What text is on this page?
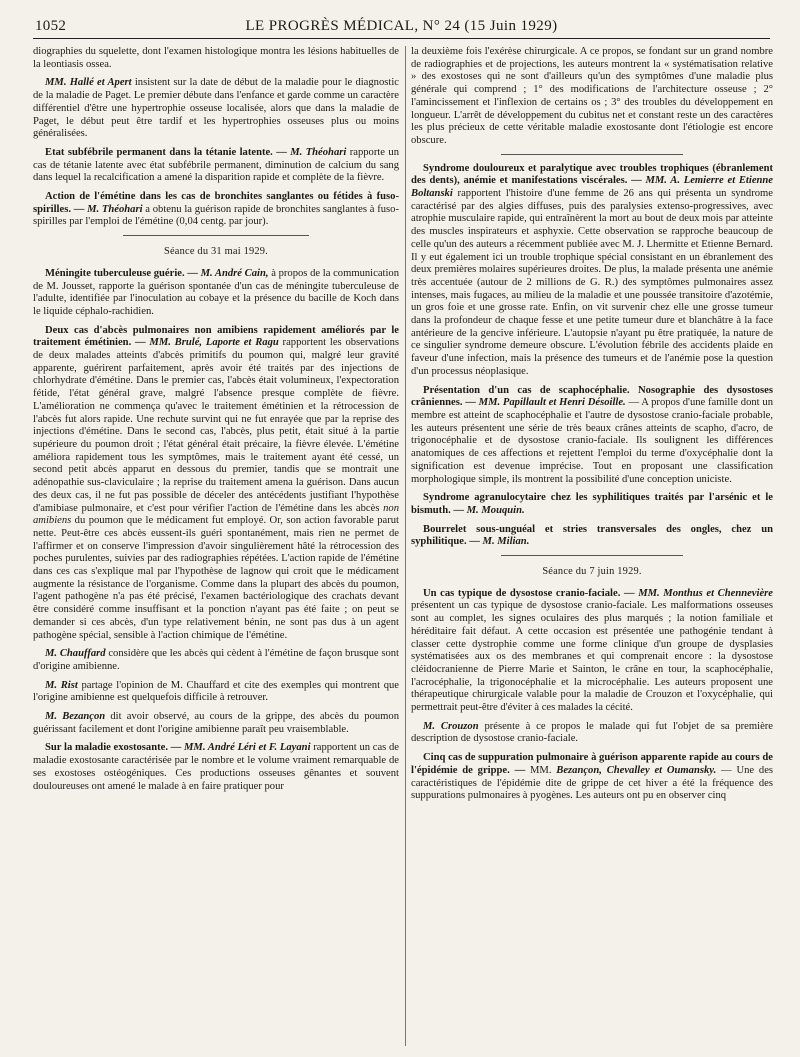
1052	LE PROGRÈS MÉDICAL, N° 24 (15 Juin 1929)

diographies du squelette, dont l'examen histologique montra les lésions habituelles de la leontiasis ossea.

MM. Hallé et Apert insistent sur la date de début de la maladie pour le diagnostic de la maladie de Paget. Le premier débute dans l'enfance et garde comme un caractère différentiel d'être une hypertrophie osseuse localisée, alors que dans la maladie de Paget, le début peut être tardif et les hypertrophies osseuses plus ou moins généralisées.

Etat subfébrile permanent dans la tétanie latente. — M. Théohari rapporte un cas de tétanie latente avec état subfébrile permanent, diminution de calcium du sang dans lequel la recalcification a amené la disparition rapide et complète de la fièvre.

Action de l'émétine dans les cas de bronchites sanglantes ou fétides à fuso-spirilles. — M. Théohari a obtenu la guérison rapide de bronchites sanglantes à fuso-spirilles par l'emploi de l'émétine (0,04 centg. par jour).

Séance du 31 mai 1929.

Méningite tuberculeuse guérie. — M. André Cain, à propos de la communication de M. Jousset, rapporte la guérison spontanée d'un cas de méningite tuberculeuse de l'adulte, identifiée par l'inoculation au cobaye et la présence du bacille de Koch dans le liquide céphalo-rachidien.

Deux cas d'abcès pulmonaires non amibiens rapidement améliorés par le traitement émétinien. — MM. Brulé, Laporte et Ragu rapportent les observations de deux malades atteints d'abcès primitifs du poumon qui, malgré leur gravité apparente, guérirent parfaitement, après avoir été traités par des injections de chlorhydrate d'émétine. Dans le premier cas, l'abcès était volumineux, l'expectoration fétide, l'état général grave, malgré l'absence presque complète de fièvre. L'amélioration ne commença qu'avec le traitement émétinien et la rétrocession de l'abcès fut alors rapide. Une rechute survint qui ne fut enrayée que par la reprise des injections d'émétine. Dans le second cas, l'abcès, plus petit, était situé à la partie supérieure du poumon droit ; l'état général était précaire, la fièvre élevée. L'émétine améliora rapidement tous les symptômes, mais le traitement ayant été cessé, un second petit abcès apparut en dessous du premier, tandis que se montrait une adénopathie sus-claviculaire ; la reprise du traitement amena la guérison. Dans aucun des deux cas, il ne fut pas possible de déceler des antécédents justifiant l'hypothèse d'amibiase pulmonaire, et c'est pour vérifier l'action de l'émétine dans les abcès non amibiens du poumon que le médicament fut employé. Or, son action favorable parut nette. Peut-être ces abcès eussent-ils guéri spontanément, mais rien ne permet de l'affirmer et on conserve l'impression d'avoir singulièrement hâté la rétrocession des poches purulentes, suivies par des radiographies répétées. L'action rapide de l'émétine dans ces cas s'explique mal par l'hypothèse de lagnow qui croit que le médicament augmente la résistance de l'organisme. Comme dans la plupart des abcès du poumon, l'agent pathogène n'a pas été précisé, l'examen bactériologique des crachats devant être considéré comme insuffisant et la ponction n'ayant pas été faite ; on peut se demander si ces abcès, d'un type relativement bénin, ne sont pas dus à un agent pathogène spécial, sensible à l'action chimique de l'émétine.

M. Chauffard considère que les abcès qui cèdent à l'émétine de façon brusque sont d'origine amibienne.

M. Rist partage l'opinion de M. Chauffard et cite des exemples qui montrent que l'origine amibienne est quelquefois difficile à retrouver.

M. Bezançon dit avoir observé, au cours de la grippe, des abcès du poumon guérissant facilement et dont l'origine amibienne paraît peu vraisemblable.

Sur la maladie exostosante. — MM. André Léri et F. Layani rapportent un cas de maladie exostosante caractérisée par le nombre et le volume vraiment remarquable de ses exostoses ostéogéniques. Ces productions osseuses gênantes et souvent douloureuses ont amené le malade à en faire pratiquer pour

la deuxième fois l'exérèse chirurgicale. A ce propos, se fondant sur un grand nombre de radiographies et de projections, les auteurs montrent la « systématisation relative » des exostoses qui ne sont d'ailleurs qu'un des symptômes d'une maladie plus générale qui comprend ; 1° des modifications de l'architecture osseuse ; 2° l'amincissement et l'inflexion de certains os ; 3° des troubles du développement en longueur. L'arrêt de développement du cubitus net et constant reste un des caractères les plus précieux de cette véritable maladie exostosante dont l'étiologie est encore obscure.

Syndrome douloureux et paralytique avec troubles trophiques (ébranlement des dents), anémie et manifestations viscérales. — MM. A. Lemierre et Etienne Boltanski rapportent l'histoire d'une femme de 26 ans qui présenta un syndrome caractérisé par des algies diffuses, puis des paralysies extenso-progressives, avec atrophie musculaire rapide, qui entraînèrent la mort au bout de deux mois par atteinte des muscles inspirateurs et asphyxie. Cette observation se rapproche beaucoup de celle qu'un des auteurs a récemment publiée avec M. J. Lhermitte et Etienne Bernard. Il y eut également ici un trouble trophique spécial consistant en un ébranlement des deux premières molaires supérieures droites. De plus, la malade présenta une anémie très accentuée (autour de 2 millions de G. R.) des symptômes pulmonaires assez intenses, mais fugaces, au milieu de la maladie et une poussée transitoire d'azotémie, un gros foie et une grosse rate. Enfin, on vit survenir chez elle une grosse tumeur dans la profondeur de chaque fesse et une petite tumeur dure et blanchâtre à la face antérieure de la gencive inférieure. L'autopsie n'ayant pu être pratiquée, la nature de ce singulier syndrome demeure obscure. L'évolution fébrile des accidents plaide en faveur d'une infection, mais la présence des tumeurs et de l'anémie pose la question d'un processus néoplasique.

Présentation d'un cas de scaphocéphalie. Nosographie des dysostoses crâniennes. — MM. Papillault et Henri Désoille. — A propos d'une famille dont un membre est atteint de scaphocéphalie et l'autre de dysostose cranio-faciale probable, les auteurs présentent une série de très beaux crânes atteints de scapho, d'acro, de trigonocéphalie et de dysostose cranio-faciale. Ils soulignent les différences anatomiques de ces affections et rejettent l'emploi du terme d'oxycéphalie dont la signification est devenue imprécise. Tout en proposant une classification morphologique simple, ils montrent la possibilité d'une conception uniciste.

Syndrome agranulocytaire chez les syphilitiques traités par l'arsénic et le bismuth. — M. Mouquin.

Bourrelet sous-unguéal et stries transversales des ongles, chez un syphilitique. — M. Milian.

Séance du 7 juin 1929.

Un cas typique de dysostose cranio-faciale. — MM. Monthus et Chennevière présentent un cas typique de dysostose cranio-faciale. Les malformations osseuses sont au complet, les signes oculaires des plus marqués ; la notion familiale et héréditaire fait défaut. A cette occasion est présentée une pathogénie tendant à classer cette dystrophie comme une forme clinique d'un groupe de dysplasies systématisées aux os des membranes et qui comprenait encore : la dysostose cléidocranienne de Pierre Marie et Sainton, le crâne en tour, la scaphocéphalie, l'acrocéphalie, la trigonocéphalie et la microcéphalie. Les auteurs proposent une thérapeutique chirurgicale valable pour la maladie de Crouzon et l'oxycéphalie, qui permettrait peut-être d'éviter à ces malades la cécité.

M. Crouzon présente à ce propos le malade qui fut l'objet de sa première description de dysostose cranio-faciale.

Cinq cas de suppuration pulmonaire à guérison apparente rapide au cours de l'épidémie de grippe. — MM. Bezançon, Chevalley et Oumansky. — Une des caractéristiques de l'épidémie dite de grippe de cet hiver a été la fréquence des suppurations pulmonaires à pyogènes. Les auteurs ont pu en observer cinq
